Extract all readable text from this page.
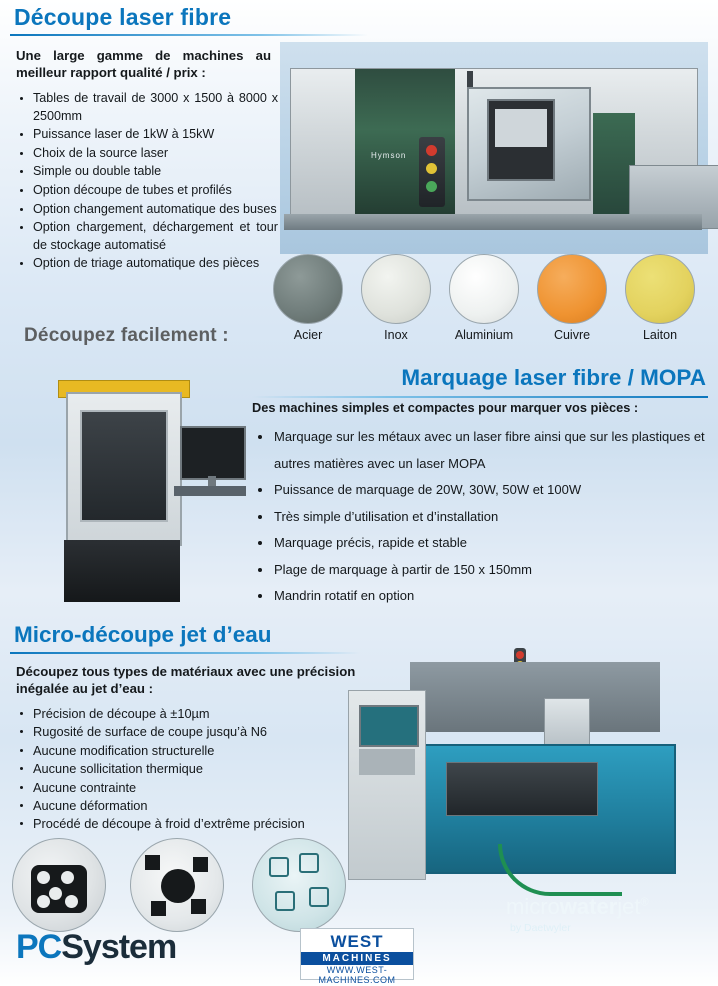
Découpe laser fibre
Une large gamme de machines au meilleur rapport qualité / prix :
Tables de travail de 3000 x 1500 à 8000 x 2500mm
Puissance laser de 1kW à 15kW
Choix de la source laser
Simple ou double table
Option découpe de tubes et profilés
Option changement automatique des buses
Option chargement, déchargement et tour de stockage automatisé
Option de triage automatique des pièces
Hymson
Acier	Inox	Aluminium	Cuivre	Laiton
Découpez facilement :
Marquage laser fibre / MOPA
Des machines simples et compactes pour marquer vos pièces :
Marquage sur les métaux avec un laser fibre ainsi que sur les plastiques et autres matières avec un laser MOPA
Puissance de marquage de 20W, 30W, 50W et 100W
Très simple d’utilisation et d’installation
Marquage précis, rapide et stable
Plage de marquage à partir de 150 x 150mm
Mandrin rotatif en option
Micro-découpe jet d’eau
Découpez tous types de matériaux avec une précision inégalée au jet d’eau :
Précision de découpe à ±10µm
Rugosité de surface de coupe jusqu’à N6
Aucune modification structurelle
Aucune sollicitation thermique
Aucune contrainte
Aucune déformation
Procédé de découpe à froid d’extrême précision
microwaterjet®
by Daetwyler
PCSystem	WEST
MACHINES
WWW.WEST-MACHINES.COM
